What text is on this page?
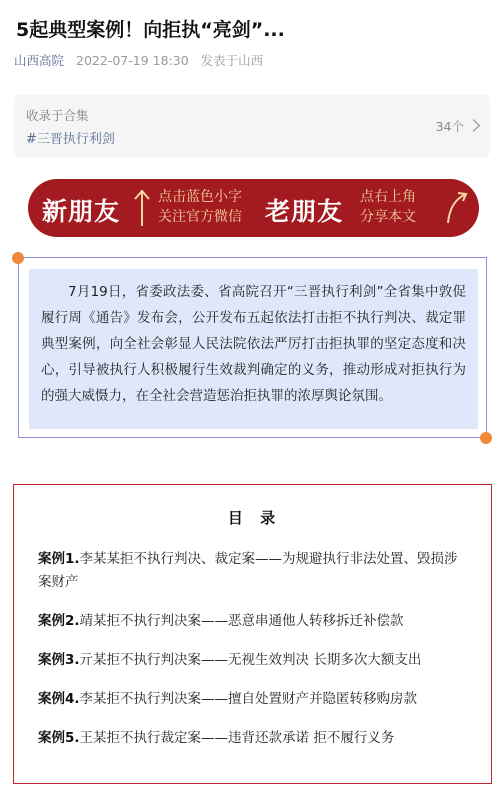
5起典型案例！向拒执“亮剑”...
山西高院 2022-07-19 18:30 发表于山西
收录于合集
#三晋执行利剑
34个
新朋友	点击蓝色小字
关注官方微信 老朋友 点右上角
分享本文

7月19日，省委政法委、省高院召开“三晋执行利剑”全省集中敦促履行周《通告》发布会，公开发布五起依法打击拒不执行判决、裁定罪典型案例，向全社会彰显人民法院依法严厉打击拒执罪的坚定态度和决心，引导被执行人积极履行生效裁判确定的义务，推动形成对拒执行为的强大威慑力，在全社会营造惩治拒执罪的浓厚舆论氛围。

目 录
案例1.李某某拒不执行判决、裁定案——为规避执行非法处置、毁损涉案财产
案例2.靖某拒不执行判决案——恶意串通他人转移拆迁补偿款
案例3.亓某拒不执行判决案——无视生效判决 长期多次大额支出
案例4.李某拒不执行判决案——擅自处置财产并隐匿转移购房款
案例5.王某拒不执行裁定案——违背还款承诺 拒不履行义务
